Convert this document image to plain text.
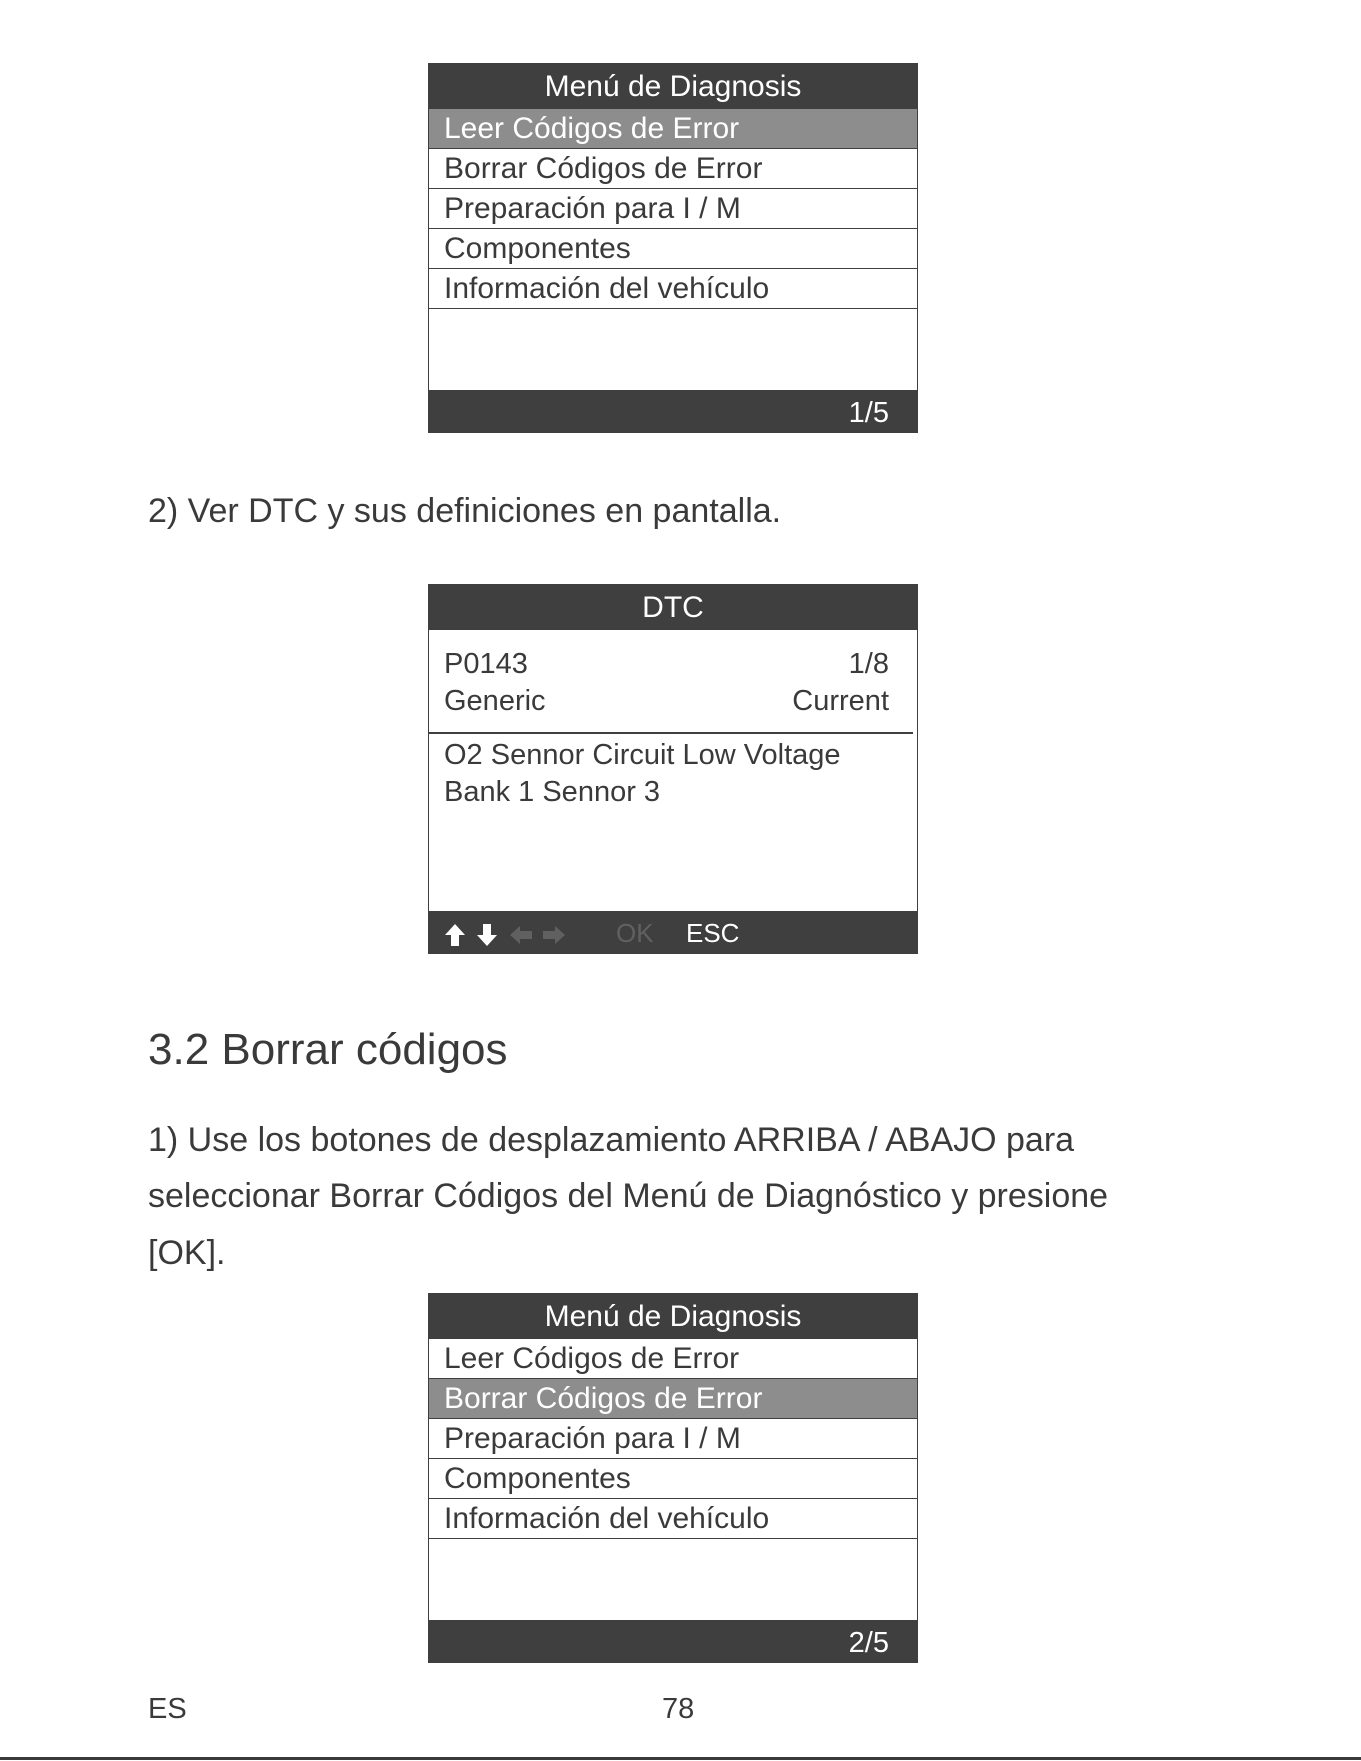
Menú de Diagnosis
Leer Códigos de Error
Borrar Códigos de Error
Preparación para I / M
Componentes
Información del vehículo
1/5
2) Ver DTC y sus definiciones en pantalla.
DTC
P0143	1/8
Generic	Current
O2 Sennor Circuit Low Voltage
Bank 1 Sennor 3
OK ESC
3.2 Borrar códigos
1) Use los botones de desplazamiento ARRIBA / ABAJO para
seleccionar Borrar Códigos del Menú de Diagnóstico y presione
[OK].
Menú de Diagnosis
Leer Códigos de Error
Borrar Códigos de Error
Preparación para I / M
Componentes
Información del vehículo
2/5
ES	78
